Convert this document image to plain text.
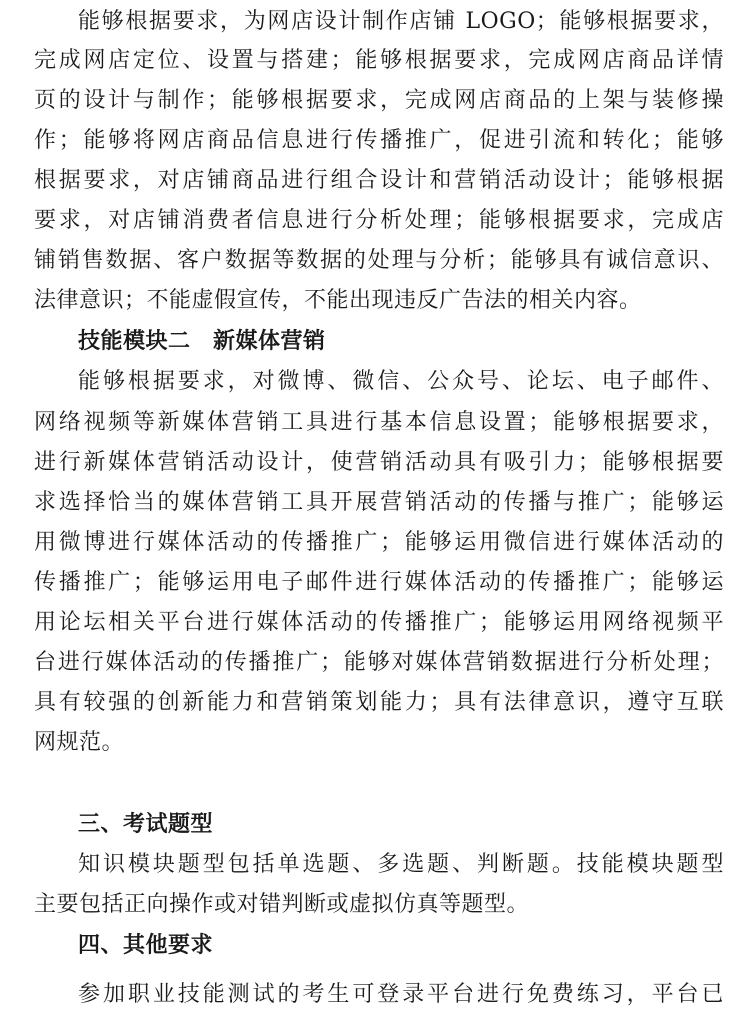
能够根据要求，为网店设计制作店铺 LOGO；能够根据要求，
完成网店定位、设置与搭建；能够根据要求，完成网店商品详情
页的设计与制作；能够根据要求，完成网店商品的上架与装修操
作；能够将网店商品信息进行传播推广，促进引流和转化；能够
根据要求，对店铺商品进行组合设计和营销活动设计；能够根据
要求，对店铺消费者信息进行分析处理；能够根据要求，完成店
铺销售数据、客户数据等数据的处理与分析；能够具有诚信意识、
法律意识；不能虚假宣传，不能出现违反广告法的相关内容。
技能模块二　新媒体营销
能够根据要求，对微博、微信、公众号、论坛、电子邮件、
网络视频等新媒体营销工具进行基本信息设置；能够根据要求，
进行新媒体营销活动设计，使营销活动具有吸引力；能够根据要
求选择恰当的媒体营销工具开展营销活动的传播与推广；能够运
用微博进行媒体活动的传播推广；能够运用微信进行媒体活动的
传播推广；能够运用电子邮件进行媒体活动的传播推广；能够运
用论坛相关平台进行媒体活动的传播推广；能够运用网络视频平
台进行媒体活动的传播推广；能够对媒体营销数据进行分析处理；
具有较强的创新能力和营销策划能力；具有法律意识，遵守互联
网规范。
三、考试题型
知识模块题型包括单选题、多选题、判断题。技能模块题型
主要包括正向操作或对错判断或虚拟仿真等题型。
四、其他要求
参加职业技能测试的考生可登录平台进行免费练习，平台已
